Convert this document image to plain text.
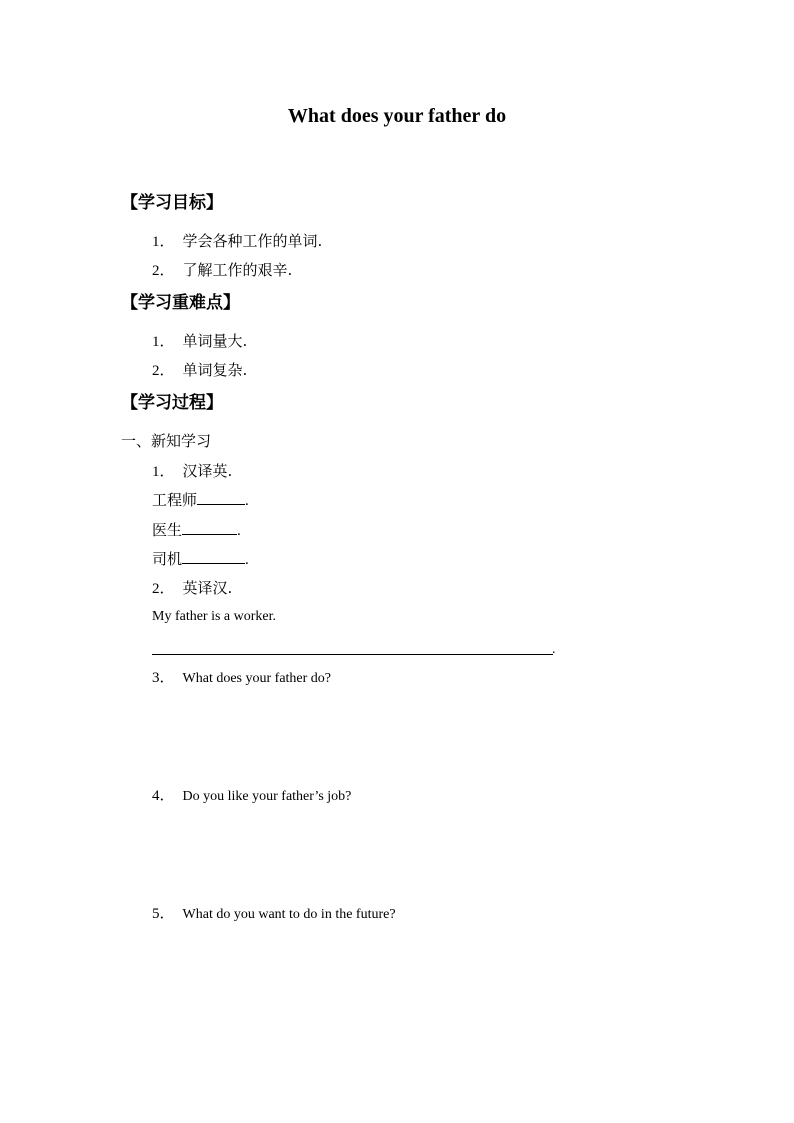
What does your father do
【学习目标】
1． 学会各种工作的单词.
2． 了解工作的艰辛.
【学习重难点】
1． 单词量大.
2． 单词复杂.
【学习过程】
一、新知学习
1． 汉译英.
工程师	.
医生	.
司机	.
2． 英译汉.
My father is a worker.
.
3． What does your father do?
4． Do you like your father’s job?
5． What do you want to do in the future?
